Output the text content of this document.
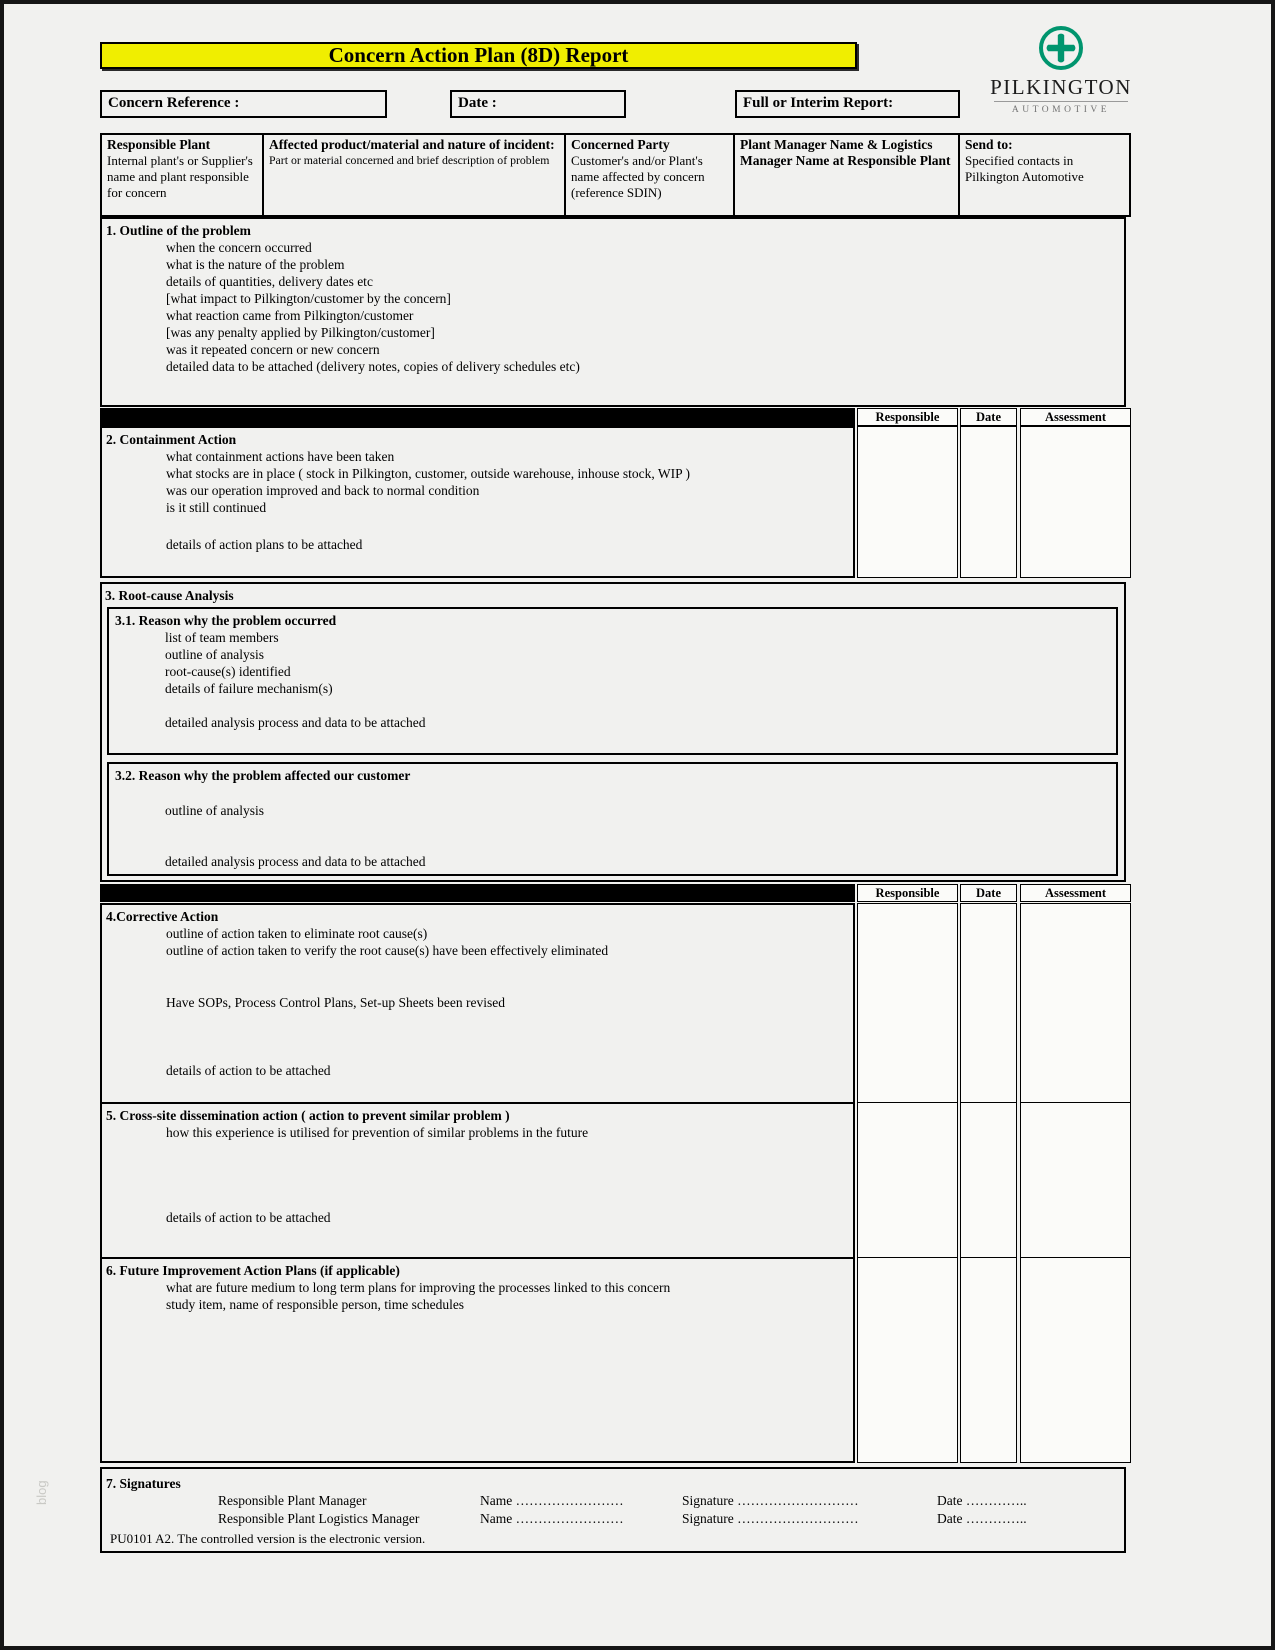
blog
PILKINGTON
AUTOMOTIVE
Concern Action Plan (8D) Report
Concern Reference :	Date :	Full or Interim Report:
Responsible Plant
Internal plant's or Supplier's name and plant responsible for concern
Affected product/material and nature of incident:
Part or material concerned and brief description of problem
Concerned Party
Customer's and/or Plant's name affected by concern (reference SDIN)
Plant Manager Name & Logistics Manager Name at Responsible Plant
Send to:
Specified contacts in Pilkington Automotive
1. Outline of the problem
when the concern occurred
what is the nature of the problem
details of quantities, delivery dates etc
[what impact to Pilkington/customer by the concern]
what reaction came from Pilkington/customer
[was any penalty applied by Pilkington/customer]
was it repeated concern or new concern
detailed data to be attached (delivery notes, copies of delivery schedules etc)
Responsible	Date	Assessment
2. Containment Action
what containment actions have been taken
what stocks are in place ( stock in Pilkington, customer, outside warehouse, inhouse stock, WIP )
was our operation improved and back to normal condition
is it still continued
details of action plans to be attached
3. Root-cause Analysis
3.1. Reason why the problem occurred
list of team members
outline of analysis
root-cause(s) identified
details of failure mechanism(s)
detailed analysis process and data to be attached
3.2. Reason why the problem affected our customer
outline of analysis
detailed analysis process and data to be attached
Responsible	Date	Assessment
4.Corrective Action
outline of action taken to eliminate root cause(s)
outline of action taken to verify the root cause(s) have been effectively eliminated
Have SOPs, Process Control Plans, Set-up Sheets been revised
details of action to be attached
5. Cross-site dissemination action ( action to prevent similar problem )
how this experience is utilised for prevention of similar problems in the future
details of action to be attached
6. Future Improvement Action Plans (if applicable)
what are future medium to long term plans for improving the processes linked to this concern
study item, name of responsible person, time schedules
7. Signatures
Responsible Plant Manager	Name ……………………	Signature ………………………	Date …………..
Responsible Plant Logistics Manager	Name ……………………	Signature ………………………	Date …………..
PU0101 A2. The controlled version is the electronic version.
